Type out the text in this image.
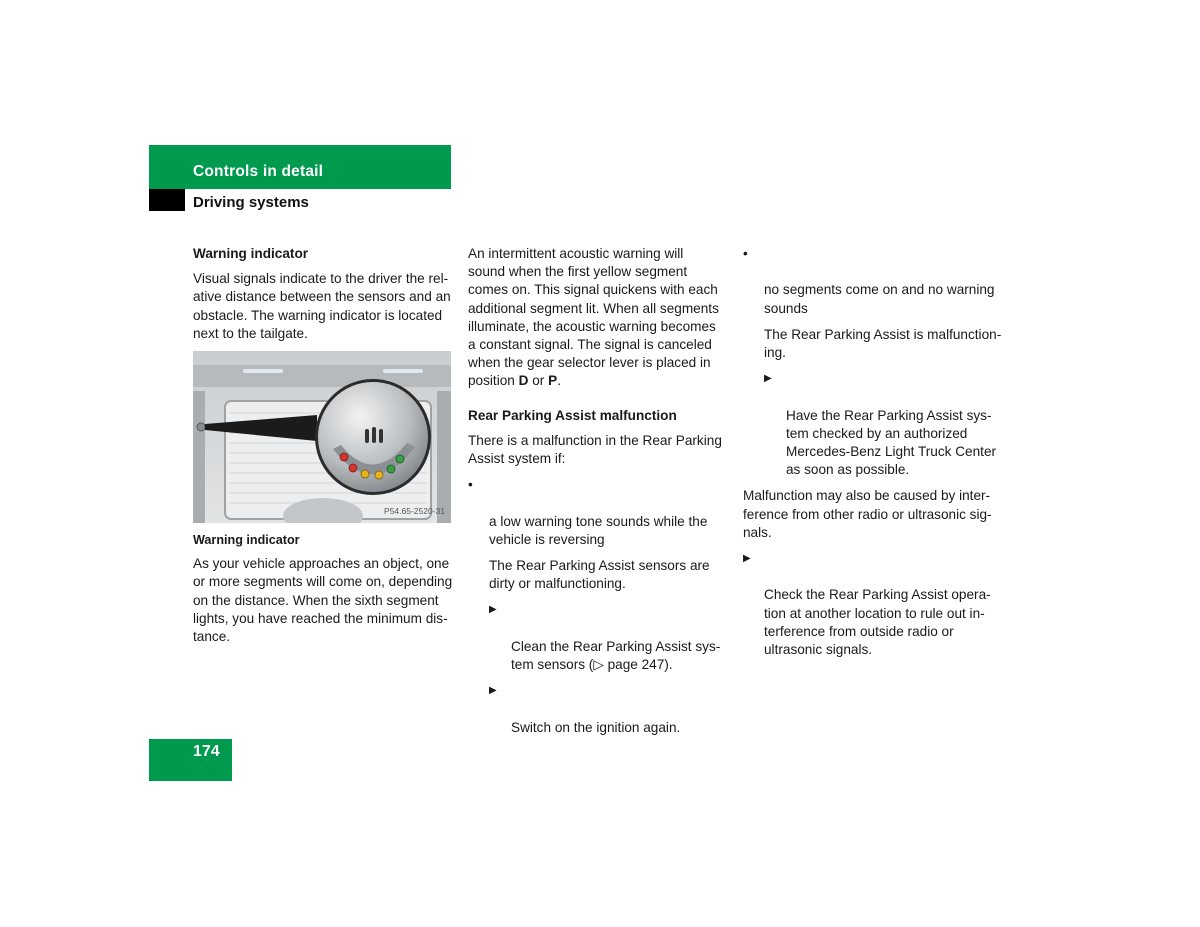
Controls in detail
Driving systems
Warning indicator

Visual signals indicate to the driver the rel-
ative distance between the sensors and an
obstacle. The warning indicator is located
next to the tailgate.

P54.65-2520-31
Warning indicator

As your vehicle approaches an object, one
or more segments will come on, depending
on the distance. When the sixth segment
lights, you have reached the minimum dis-
tance.

An intermittent acoustic warning will
sound when the first yellow segment
comes on. This signal quickens with each
additional segment lit. When all segments
illuminate, the acoustic warning becomes
a constant signal. The signal is canceled
when the gear selector lever is placed in
position D or P.

Rear Parking Assist malfunction

There is a malfunction in the Rear Parking
Assist system if:

•

a low warning tone sounds while the
vehicle is reversing

The Rear Parking Assist sensors are
dirty or malfunctioning.

▶

Clean the Rear Parking Assist sys-
tem sensors (▷ page 247).

▶

Switch on the ignition again.

•

no segments come on and no warning
sounds

The Rear Parking Assist is malfunction-
ing.

▶

Have the Rear Parking Assist sys-
tem checked by an authorized
Mercedes-Benz Light Truck Center
as soon as possible.

Malfunction may also be caused by inter-
ference from other radio or ultrasonic sig-
nals.

▶

Check the Rear Parking Assist opera-
tion at another location to rule out in-
terference from outside radio or
ultrasonic signals.

174
